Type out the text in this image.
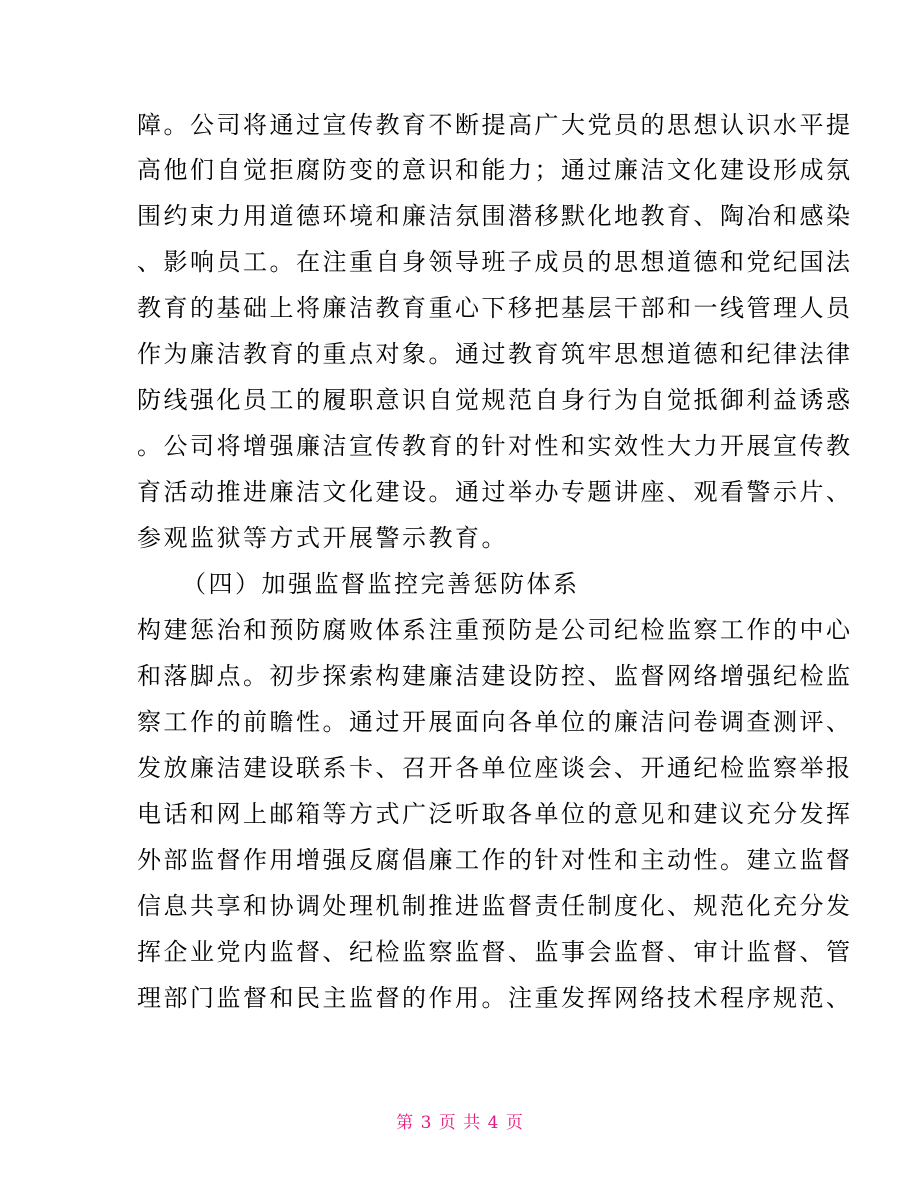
障。公司将通过宣传教育不断提高广大党员的思想认识水平提
高他们自觉拒腐防变的意识和能力；通过廉洁文化建设形成氛
围约束力用道德环境和廉洁氛围潜移默化地教育、陶冶和感染
、影响员工。在注重自身领导班子成员的思想道德和党纪国法
教育的基础上将廉洁教育重心下移把基层干部和一线管理人员
作为廉洁教育的重点对象。通过教育筑牢思想道德和纪律法律
防线强化员工的履职意识自觉规范自身行为自觉抵御利益诱惑
。公司将增强廉洁宣传教育的针对性和实效性大力开展宣传教
育活动推进廉洁文化建设。通过举办专题讲座、观看警示片、
参观监狱等方式开展警示教育。
（四）加强监督监控完善惩防体系
构建惩治和预防腐败体系注重预防是公司纪检监察工作的中心
和落脚点。初步探索构建廉洁建设防控、监督网络增强纪检监
察工作的前瞻性。通过开展面向各单位的廉洁问卷调查测评、
发放廉洁建设联系卡、召开各单位座谈会、开通纪检监察举报
电话和网上邮箱等方式广泛听取各单位的意见和建议充分发挥
外部监督作用增强反腐倡廉工作的针对性和主动性。建立监督
信息共享和协调处理机制推进监督责任制度化、规范化充分发
挥企业党内监督、纪检监察监督、监事会监督、审计监督、管
理部门监督和民主监督的作用。注重发挥网络技术程序规范、
第 3 页 共 4 页
